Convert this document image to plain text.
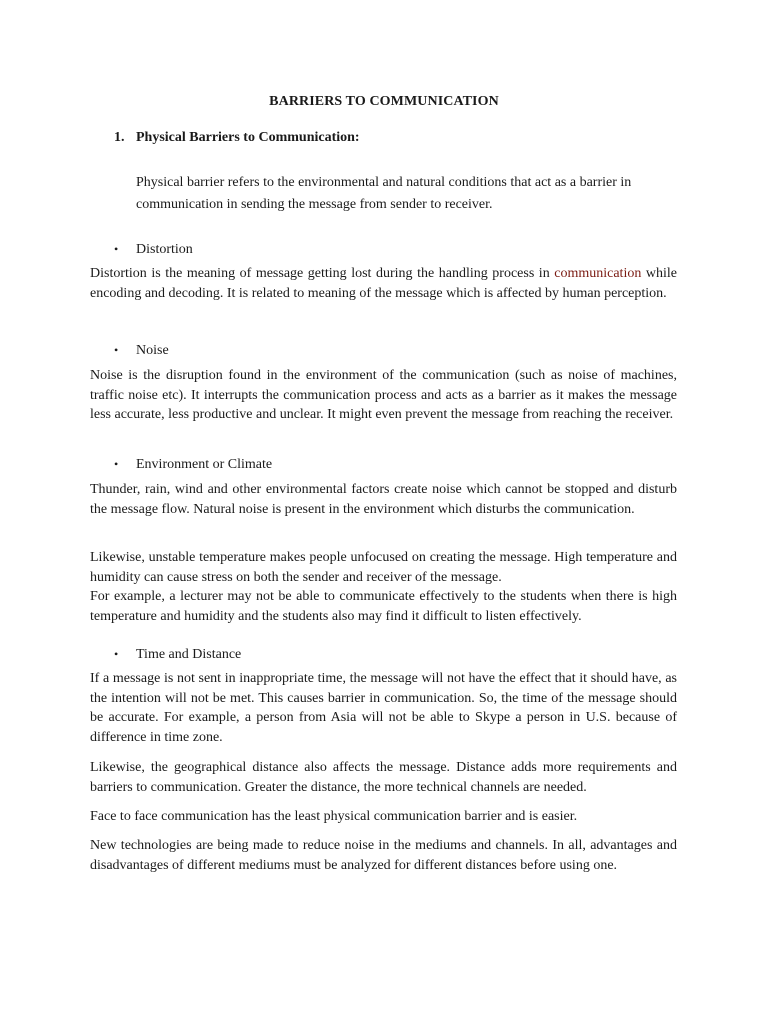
BARRIERS TO COMMUNICATION
1. Physical Barriers to Communication:
Physical barrier refers to the environmental and natural conditions that act as a barrier in communication in sending the message from sender to receiver.
• Distortion
Distortion is the meaning of message getting lost during the handling process in communication while encoding and decoding. It is related to meaning of the message which is affected by human perception.
• Noise
Noise is the disruption found in the environment of the communication (such as noise of machines, traffic noise etc). It interrupts the communication process and acts as a barrier as it makes the message less accurate, less productive and unclear. It might even prevent the message from reaching the receiver.
• Environment or Climate
Thunder, rain, wind and other environmental factors create noise which cannot be stopped and disturb the message flow. Natural noise is present in the environment which disturbs the communication.
Likewise, unstable temperature makes people unfocused on creating the message. High temperature and humidity can cause stress on both the sender and receiver of the message.
For example, a lecturer may not be able to communicate effectively to the students when there is high temperature and humidity and the students also may find it difficult to listen effectively.
• Time and Distance
If a message is not sent in inappropriate time, the message will not have the effect that it should have, as the intention will not be met. This causes barrier in communication. So, the time of the message should be accurate. For example, a person from Asia will not be able to Skype a person in U.S. because of difference in time zone.
Likewise, the geographical distance also affects the message. Distance adds more requirements and barriers to communication. Greater the distance, the more technical channels are needed.
Face to face communication has the least physical communication barrier and is easier.
New technologies are being made to reduce noise in the mediums and channels. In all, advantages and disadvantages of different mediums must be analyzed for different distances before using one.
